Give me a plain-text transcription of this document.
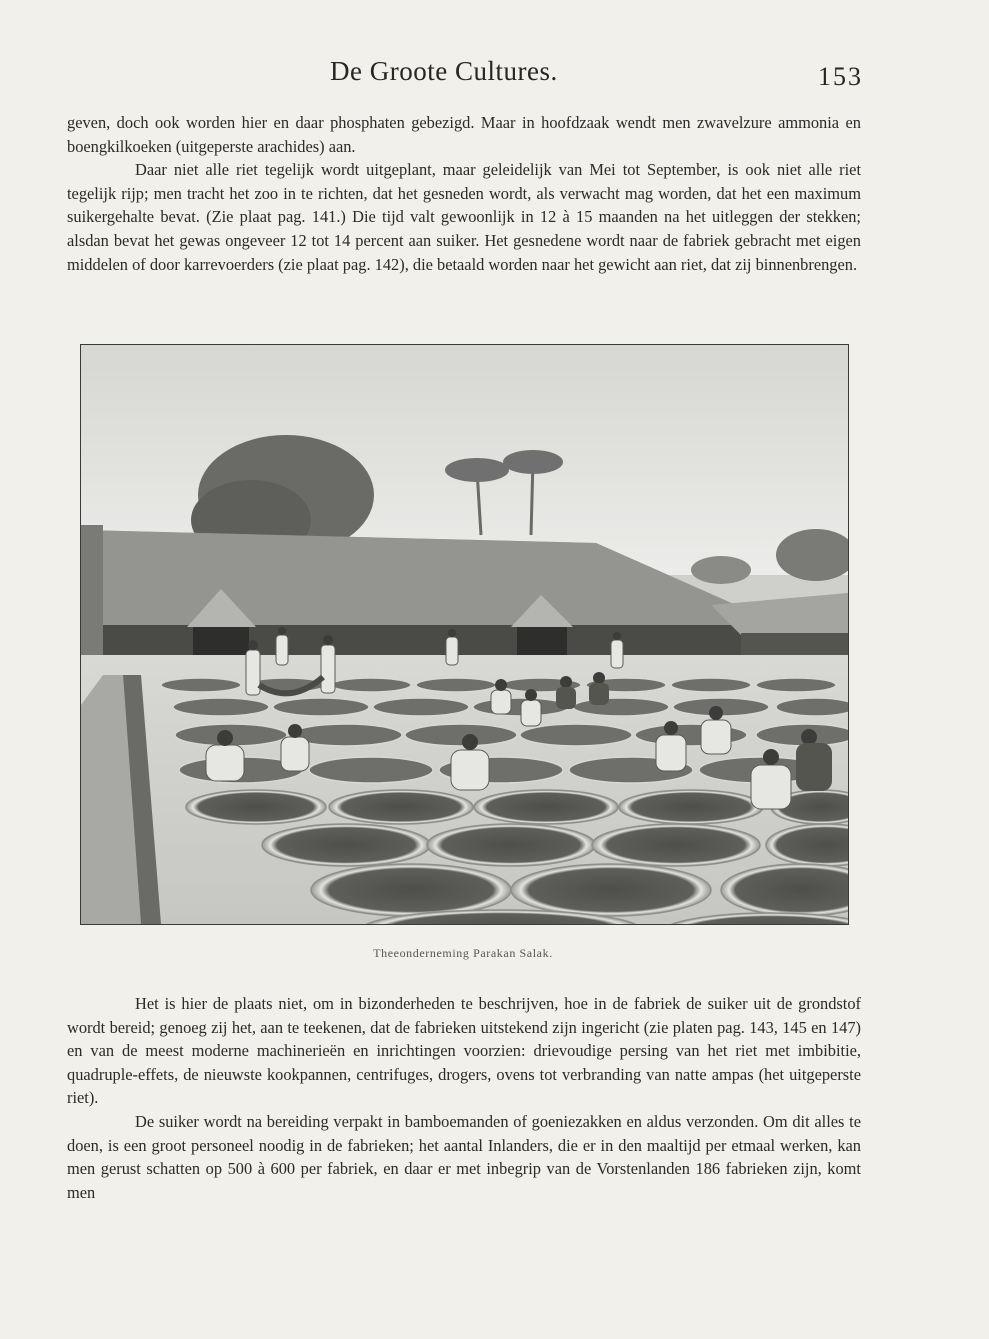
De Groote Cultures.	153

geven, doch ook worden hier en daar phosphaten gebezigd. Maar in hoofdzaak wendt men zwavelzure ammonia en boengkilkoeken (uitgeperste arachides) aan.

Daar niet alle riet tegelijk wordt uitgeplant, maar geleidelijk van Mei tot September, is ook niet alle riet tegelijk rijp; men tracht het zoo in te richten, dat het gesneden wordt, als verwacht mag worden, dat het een maximum suikergehalte bevat. (Zie plaat pag. 141.) Die tijd valt gewoonlijk in 12 à 15 maanden na het uitleggen der stekken; alsdan bevat het gewas ongeveer 12 tot 14 percent aan suiker. Het gesnedene wordt naar de fabriek gebracht met eigen middelen of door karrevoerders (zie plaat pag. 142), die betaald worden naar het gewicht aan riet, dat zij binnenbrengen.

Theeonderneming Parakan Salak.

Het is hier de plaats niet, om in bizonderheden te beschrijven, hoe in de fabriek de suiker uit de grondstof wordt bereid; genoeg zij het, aan te teekenen, dat de fabrieken uitstekend zijn ingericht (zie platen pag. 143, 145 en 147) en van de meest moderne machinerieën en inrichtingen voorzien: drievoudige persing van het riet met imbibitie, quadruple-effets, de nieuwste kookpannen, centrifuges, drogers, ovens tot verbranding van natte ampas (het uitgeperste riet).

De suiker wordt na bereiding verpakt in bamboemanden of goeniezakken en aldus verzonden. Om dit alles te doen, is een groot personeel noodig in de fabrieken; het aantal Inlanders, die er in den maaltijd per etmaal werken, kan men gerust schatten op 500 à 600 per fabriek, en daar er met inbegrip van de Vorstenlanden 186 fabrieken zijn, komt men
